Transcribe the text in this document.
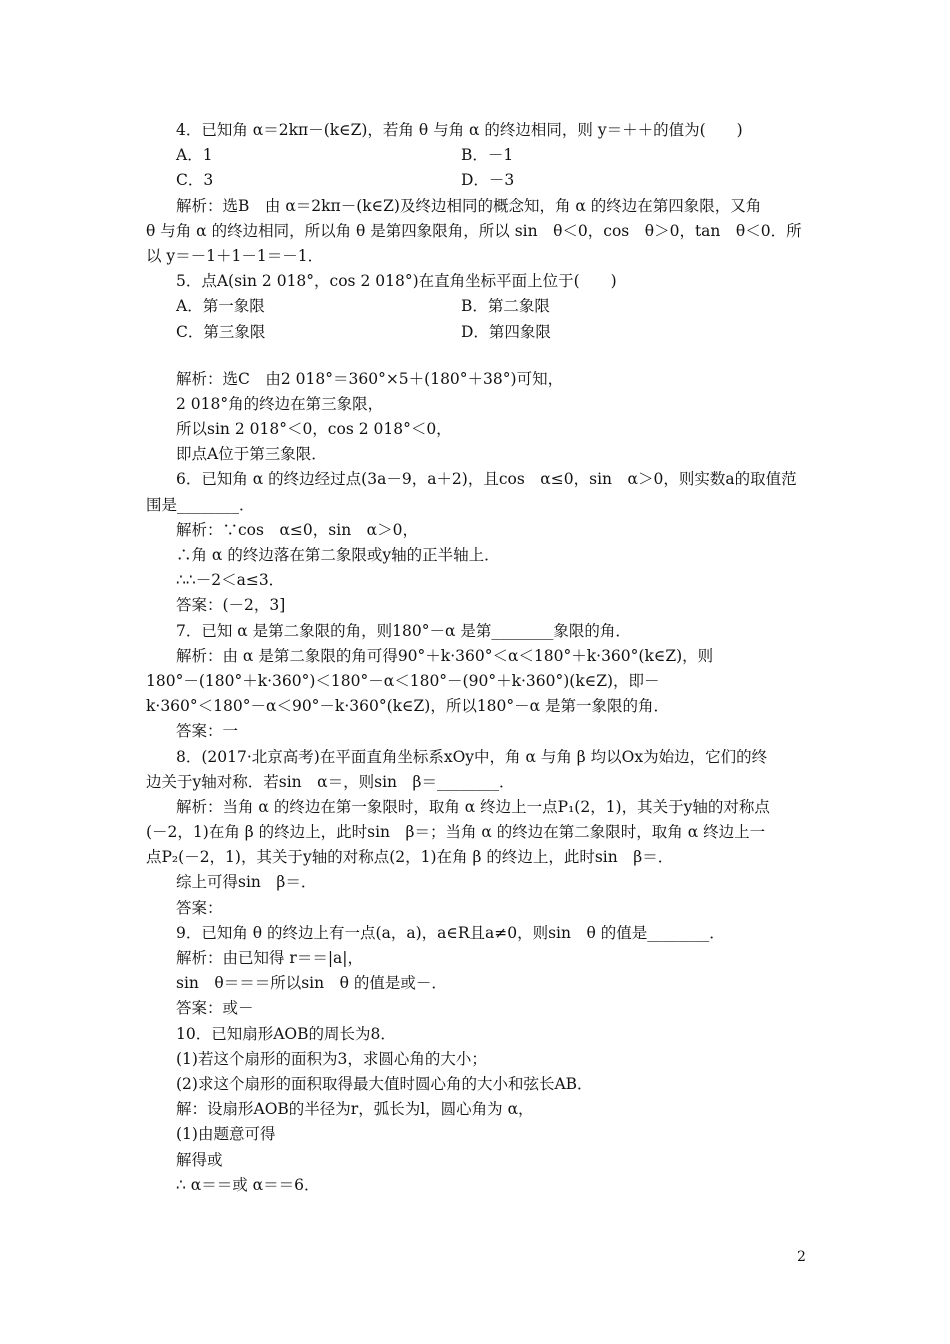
4．已知角 α＝2kπ－(k∈Z)，若角 θ 与角 α 的终边相同，则 y＝＋＋的值为(　　)
A．1	B．－1
C．3	D．－3
解析：选B　由 α＝2kπ－(k∈Z)及终边相同的概念知，角 α 的终边在第四象限，又角
θ 与角 α 的终边相同，所以角 θ 是第四象限角，所以 sin　θ＜0，cos　θ＞0，tan　θ＜0．所
以 y＝－1＋1－1＝－1．
5．点A(sin 2 018°，cos 2 018°)在直角坐标平面上位于(　　)
A．第一象限	B．第二象限
C．第三象限	D．第四象限
解析：选C　由2 018°＝360°×5＋(180°＋38°)可知，
2 018°角的终边在第三象限，
所以sin 2 018°＜0，cos 2 018°＜0，
即点A位于第三象限．
6．已知角 α 的终边经过点(3a－9，a＋2)，且cos　α≤0，sin　α＞0，则实数a的取值范
围是________．
解析：∵cos　α≤0，sin　α＞0，
∴角 α 的终边落在第二象限或y轴的正半轴上．
∴∴－2＜a≤3．
答案：(－2，3]
7．已知 α 是第二象限的角，则180°－α 是第________象限的角．
解析：由 α 是第二象限的角可得90°＋k·360°＜α＜180°＋k·360°(k∈Z)，则
180°－(180°＋k·360°)＜180°－α＜180°－(90°＋k·360°)(k∈Z)，即－
k·360°＜180°－α＜90°－k·360°(k∈Z)，所以180°－α 是第一象限的角．
答案：一
8．(2017·北京高考)在平面直角坐标系xOy中，角 α 与角 β 均以Ox为始边，它们的终
边关于y轴对称．若sin　α＝，则sin　β＝________．
解析：当角 α 的终边在第一象限时，取角 α 终边上一点P₁(2，1)，其关于y轴的对称点
(－2，1)在角 β 的终边上，此时sin　β＝；当角 α 的终边在第二象限时，取角 α 终边上一
点P₂(－2，1)，其关于y轴的对称点(2，1)在角 β 的终边上，此时sin　β＝．
综上可得sin　β＝．
答案：
9．已知角 θ 的终边上有一点(a，a)，a∈R且a≠0，则sin　θ 的值是________．
解析：由已知得 r＝＝|a|，
sin　θ＝＝＝所以sin　θ 的值是或－．
答案：或－
10．已知扇形AOB的周长为8．
(1)若这个扇形的面积为3，求圆心角的大小；
(2)求这个扇形的面积取得最大值时圆心角的大小和弦长AB．
解：设扇形AOB的半径为r，弧长为l，圆心角为 α，
(1)由题意可得
解得或
∴ α＝＝或 α＝＝6．
2
